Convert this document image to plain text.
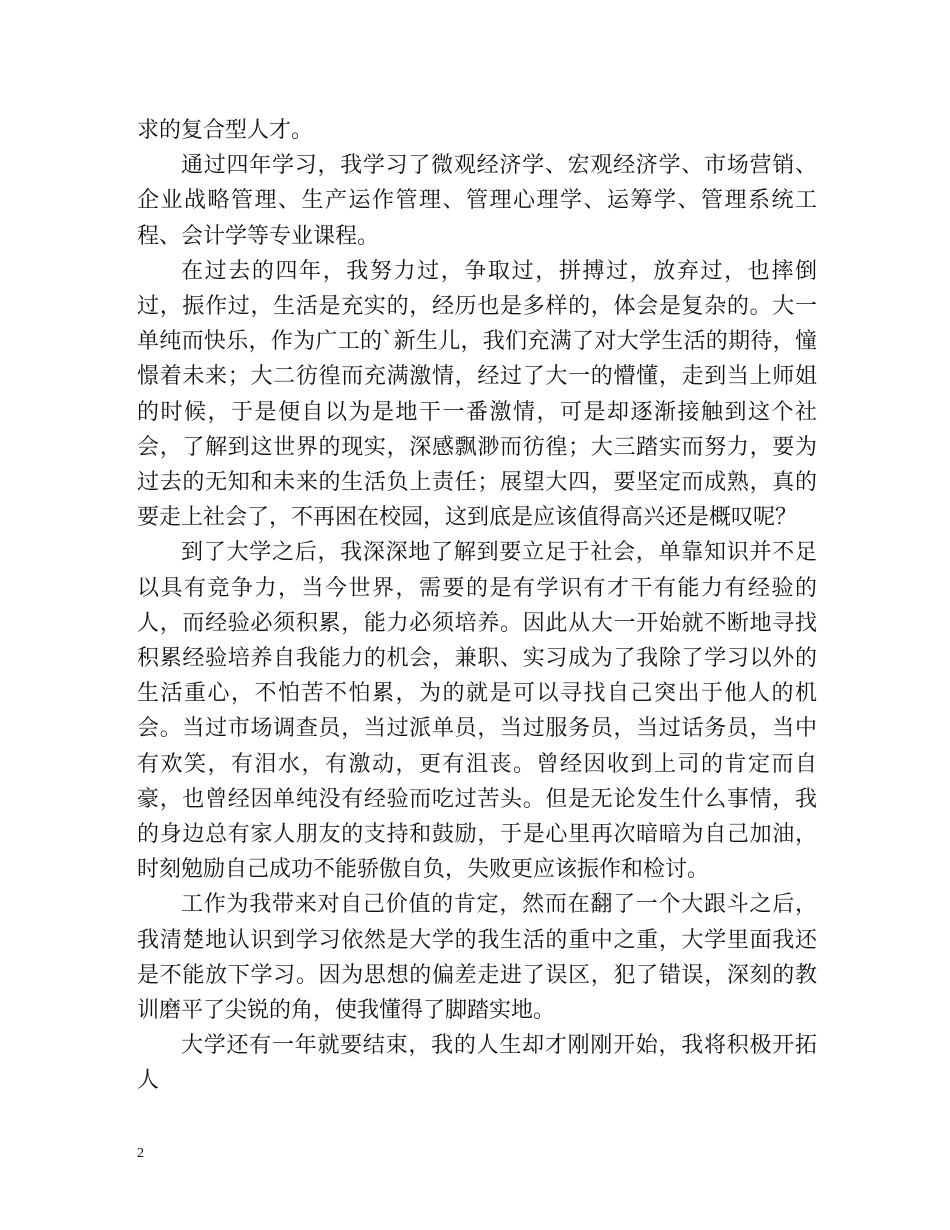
求的复合型人才。

通过四年学习，我学习了微观经济学、宏观经济学、市场营销、企业战略管理、生产运作管理、管理心理学、运筹学、管理系统工程、会计学等专业课程。

在过去的四年，我努力过，争取过，拼搏过，放弃过，也摔倒过，振作过，生活是充实的，经历也是多样的，体会是复杂的。大一单纯而快乐，作为广工的`新生儿，我们充满了对大学生活的期待，憧憬着未来；大二彷徨而充满激情，经过了大一的懵懂，走到当上师姐的时候，于是便自以为是地干一番激情，可是却逐渐接触到这个社会，了解到这世界的现实，深感飘渺而彷徨；大三踏实而努力，要为过去的无知和未来的生活负上责任；展望大四，要坚定而成熟，真的要走上社会了，不再困在校园，这到底是应该值得高兴还是概叹呢？

到了大学之后，我深深地了解到要立足于社会，单靠知识并不足以具有竞争力，当今世界，需要的是有学识有才干有能力有经验的人，而经验必须积累，能力必须培养。因此从大一开始就不断地寻找积累经验培养自我能力的机会，兼职、实习成为了我除了学习以外的生活重心，不怕苦不怕累，为的就是可以寻找自己突出于他人的机会。当过市场调查员，当过派单员，当过服务员，当过话务员，当中有欢笑，有泪水，有激动，更有沮丧。曾经因收到上司的肯定而自豪，也曾经因单纯没有经验而吃过苦头。但是无论发生什么事情，我的身边总有家人朋友的支持和鼓励，于是心里再次暗暗为自己加油，时刻勉励自己成功不能骄傲自负，失败更应该振作和检讨。

工作为我带来对自己价值的肯定，然而在翻了一个大跟斗之后，我清楚地认识到学习依然是大学的我生活的重中之重，大学里面我还是不能放下学习。因为思想的偏差走进了误区，犯了错误，深刻的教训磨平了尖锐的角，使我懂得了脚踏实地。

大学还有一年就要结束，我的人生却才刚刚开始，我将积极开拓人

2
